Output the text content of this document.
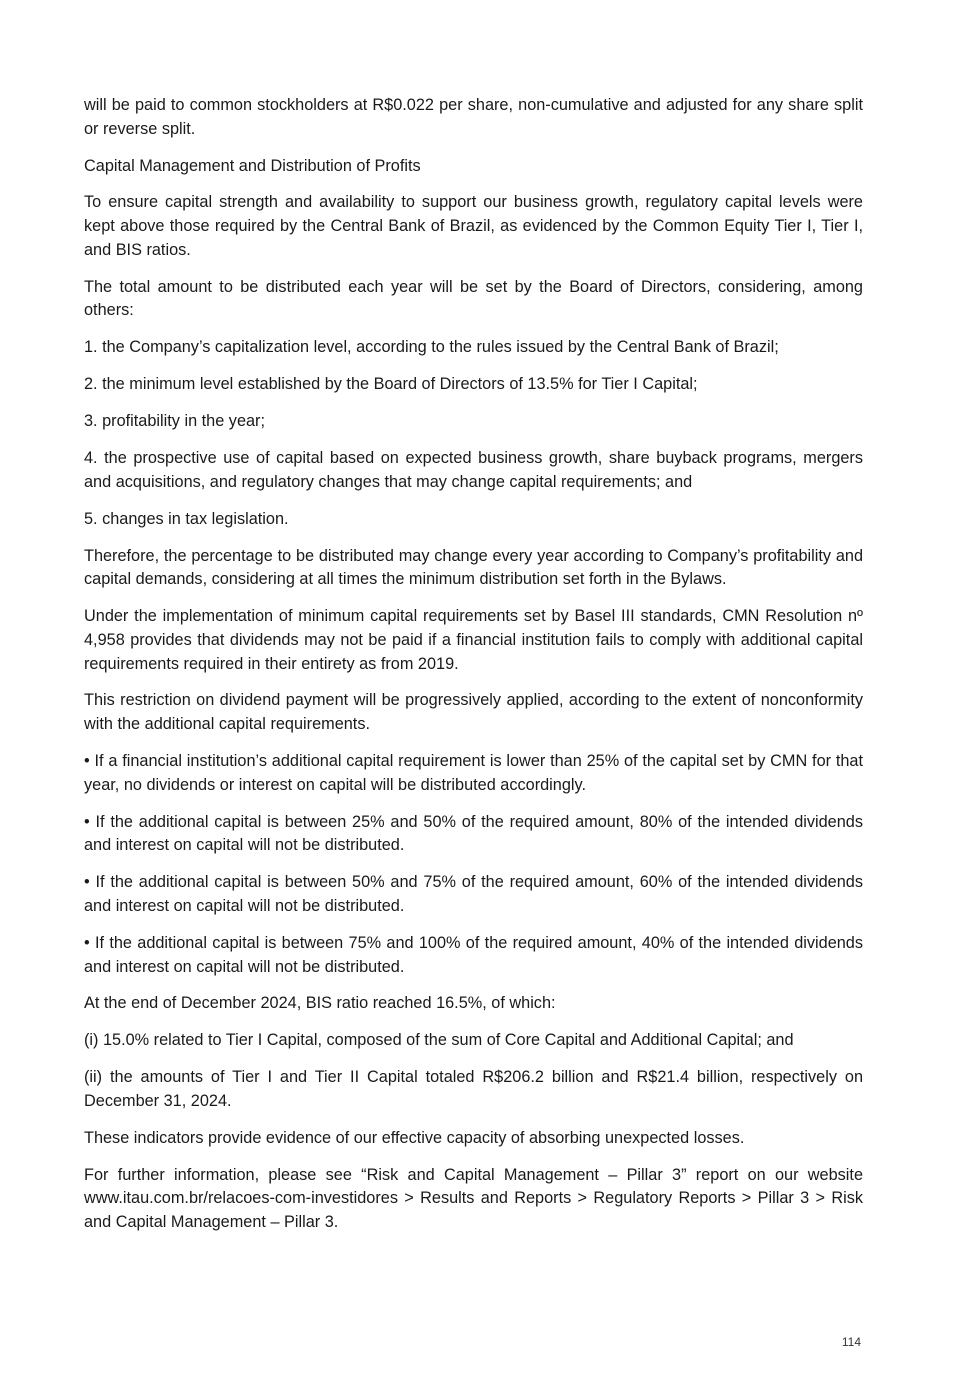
will be paid to common stockholders at R$0.022 per share, non-cumulative and adjusted for any share split or reverse split.

Capital Management and Distribution of Profits

To ensure capital strength and availability to support our business growth, regulatory capital levels were kept above those required by the Central Bank of Brazil, as evidenced by the Common Equity Tier I, Tier I, and BIS ratios.

The total amount to be distributed each year will be set by the Board of Directors, considering, among others:

1. the Company’s capitalization level, according to the rules issued by the Central Bank of Brazil;

2. the minimum level established by the Board of Directors of 13.5% for Tier I Capital;

3. profitability in the year;

4. the prospective use of capital based on expected business growth, share buyback programs, mergers and acquisitions, and regulatory changes that may change capital requirements; and

5. changes in tax legislation.

Therefore, the percentage to be distributed may change every year according to Company’s profitability and capital demands, considering at all times the minimum distribution set forth in the Bylaws.

Under the implementation of minimum capital requirements set by Basel III standards, CMN Resolution nº 4,958 provides that dividends may not be paid if a financial institution fails to comply with additional capital requirements required in their entirety as from 2019.

This restriction on dividend payment will be progressively applied, according to the extent of nonconformity with the additional capital requirements.

• If a financial institution’s additional capital requirement is lower than 25% of the capital set by CMN for that year, no dividends or interest on capital will be distributed accordingly.

• If the additional capital is between 25% and 50% of the required amount, 80% of the intended dividends and interest on capital will not be distributed.

• If the additional capital is between 50% and 75% of the required amount, 60% of the intended dividends and interest on capital will not be distributed.

• If the additional capital is between 75% and 100% of the required amount, 40% of the intended dividends and interest on capital will not be distributed.

At the end of December 2024, BIS ratio reached 16.5%, of which:

(i) 15.0% related to Tier I Capital, composed of the sum of Core Capital and Additional Capital; and

(ii) the amounts of Tier I and Tier II Capital totaled R$206.2 billion and R$21.4 billion, respectively on December 31, 2024.

These indicators provide evidence of our effective capacity of absorbing unexpected losses.

For further information, please see “Risk and Capital Management – Pillar 3” report on our website www.itau.com.br/relacoes-com-investidores > Results and Reports > Regulatory Reports > Pillar 3 > Risk and Capital Management – Pillar 3.

114
